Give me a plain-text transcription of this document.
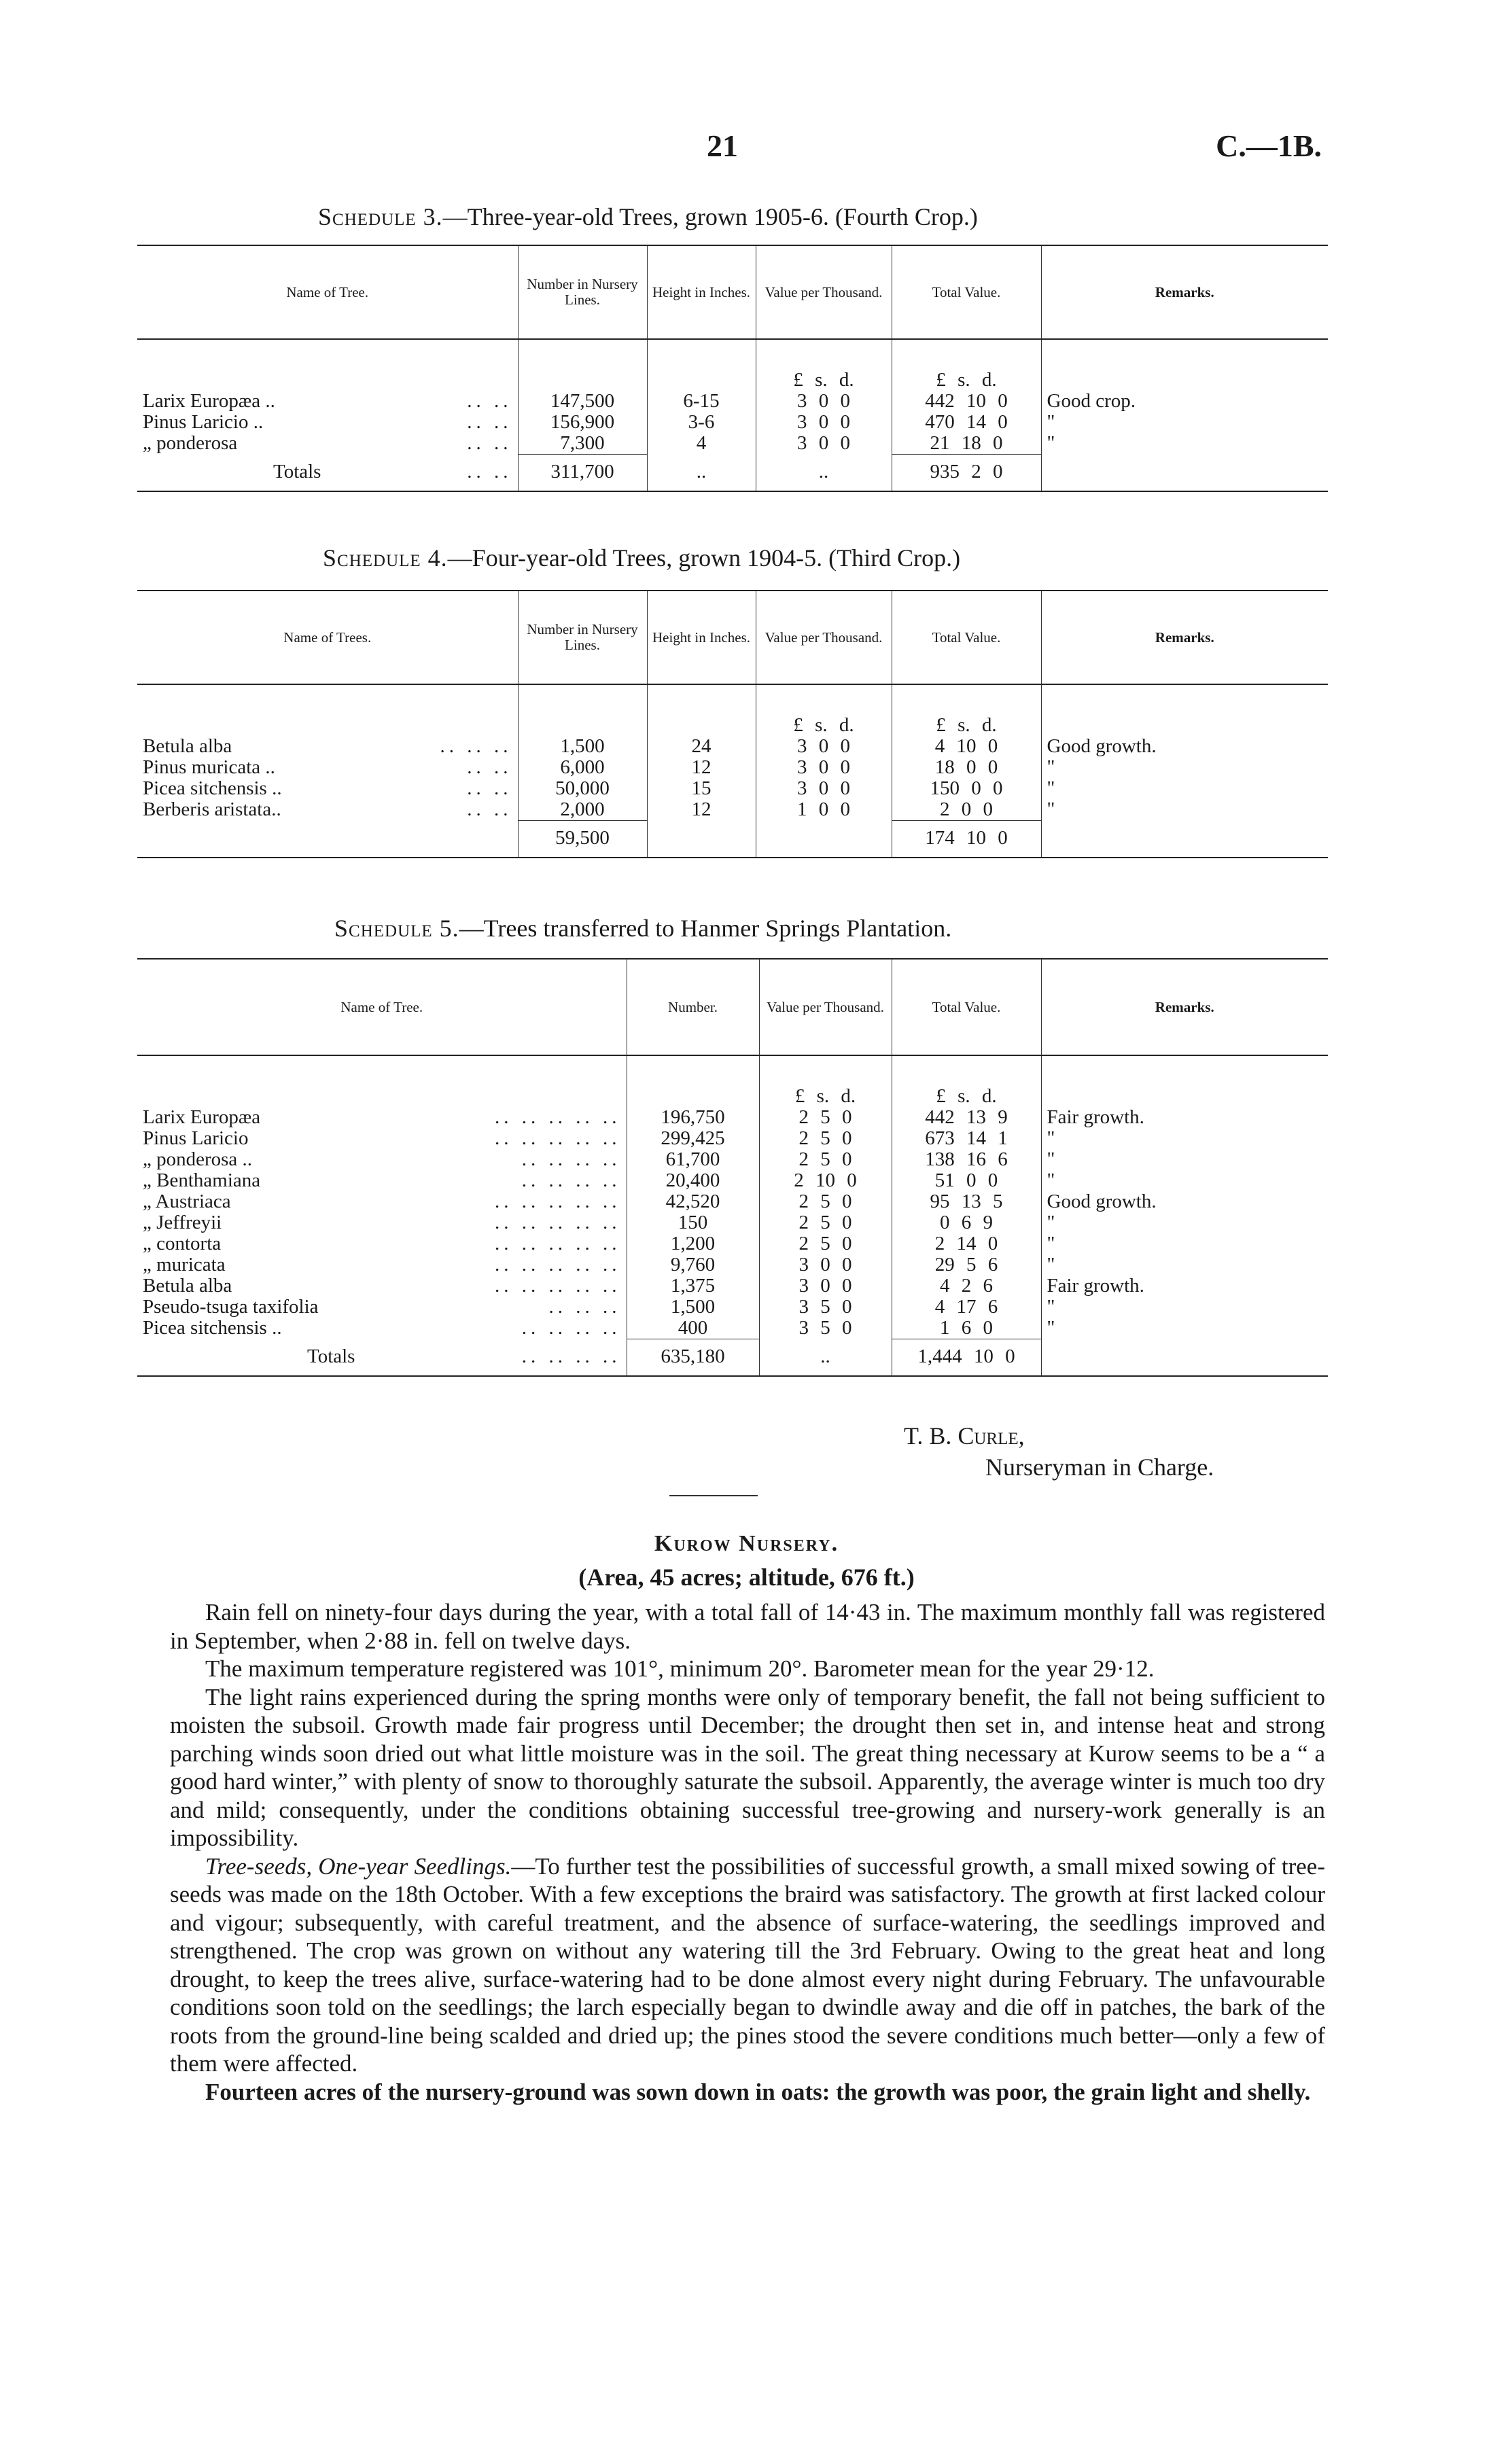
21	C.—1B.
Schedule 3.—Three-year-old Trees, grown 1905-6. (Fourth Crop.)
Name of Tree.	Number in Nursery Lines.	Height in Inches.	Value per Thousand.	Total Value.	Remarks.

			£ s. d.	£ s. d.	
Larix Europæa .. .. ..	147,500	6-15	3 0 0	442 10 0	Good crop.
Pinus Laricio .. .. ..	156,900	3-6	3 0 0	470 14 0	"
„ ponderosa .. ..	7,300	4	3 0 0	21 18 0	"
Totals .. ..	311,700	..	..	935 2 0	
Schedule 4.—Four-year-old Trees, grown 1904-5. (Third Crop.)
Name of Trees.	Number in Nursery Lines.	Height in Inches.	Value per Thousand.	Total Value.	Remarks.

			£ s. d.	£ s. d.	
Betula alba .. .. ..	1,500	24	3 0 0	4 10 0	Good growth.
Pinus muricata .. .. ..	6,000	12	3 0 0	18 0 0	"
Picea sitchensis .. .. ..	50,000	15	3 0 0	150 0 0	"
Berberis aristata.. .. ..	2,000	12	1 0 0	2 0 0	"
	59,500			174 10 0	
Schedule 5.—Trees transferred to Hanmer Springs Plantation.
Name of Tree.	Number.	Value per Thousand.	Total Value.	Remarks.

		£ s. d.	£ s. d.	
Larix Europæa .. .. .. .. ..	196,750	2 5 0	442 13 9	Fair growth.
Pinus Laricio .. .. .. .. ..	299,425	2 5 0	673 14 1	"
„ ponderosa .. .. .. .. ..	61,700	2 5 0	138 16 6	"
„ Benthamiana .. .. .. ..	20,400	2 10 0	51 0 0	"
„ Austriaca .. .. .. .. ..	42,520	2 5 0	95 13 5	Good growth.
„ Jeffreyii .. .. .. .. ..	150	2 5 0	0 6 9	"
„ contorta .. .. .. .. ..	1,200	2 5 0	2 14 0	"
„ muricata .. .. .. .. ..	9,760	3 0 0	29 5 6	"
Betula alba .. .. .. .. ..	1,375	3 0 0	4 2 6	Fair growth.
Pseudo-tsuga taxifolia .. .. ..	1,500	3 5 0	4 17 6	"
Picea sitchensis .. .. .. .. ..	400	3 5 0	1 6 0	"
Totals .. .. .. ..	635,180	..	1,444 10 0	
T. B. Curle,
Nurseryman in Charge.
Kurow Nursery.
(Area, 45 acres; altitude, 676 ft.)

Rain fell on ninety-four days during the year, with a total fall of 14·43 in. The maximum monthly fall was registered in September, when 2·88 in. fell on twelve days.

The maximum temperature registered was 101°, minimum 20°. Barometer mean for the year 29·12.

The light rains experienced during the spring months were only of temporary benefit, the fall not being sufficient to moisten the subsoil. Growth made fair progress until December; the drought then set in, and intense heat and strong parching winds soon dried out what little moisture was in the soil. The great thing necessary at Kurow seems to be a “ a good hard winter,” with plenty of snow to thoroughly saturate the subsoil. Apparently, the average winter is much too dry and mild; consequently, under the conditions obtaining successful tree-growing and nursery-work generally is an impossibility.

Tree-seeds, One-year Seedlings.—To further test the possibilities of successful growth, a small mixed sowing of tree-seeds was made on the 18th October. With a few exceptions the braird was satisfactory. The growth at first lacked colour and vigour; subsequently, with careful treatment, and the absence of surface-watering, the seedlings improved and strengthened. The crop was grown on without any watering till the 3rd February. Owing to the great heat and long drought, to keep the trees alive, surface-watering had to be done almost every night during February. The unfavourable conditions soon told on the seedlings; the larch especially began to dwindle away and die off in patches, the bark of the roots from the ground-line being scalded and dried up; the pines stood the severe conditions much better—only a few of them were affected.

Fourteen acres of the nursery-ground was sown down in oats: the growth was poor, the grain light and shelly.
